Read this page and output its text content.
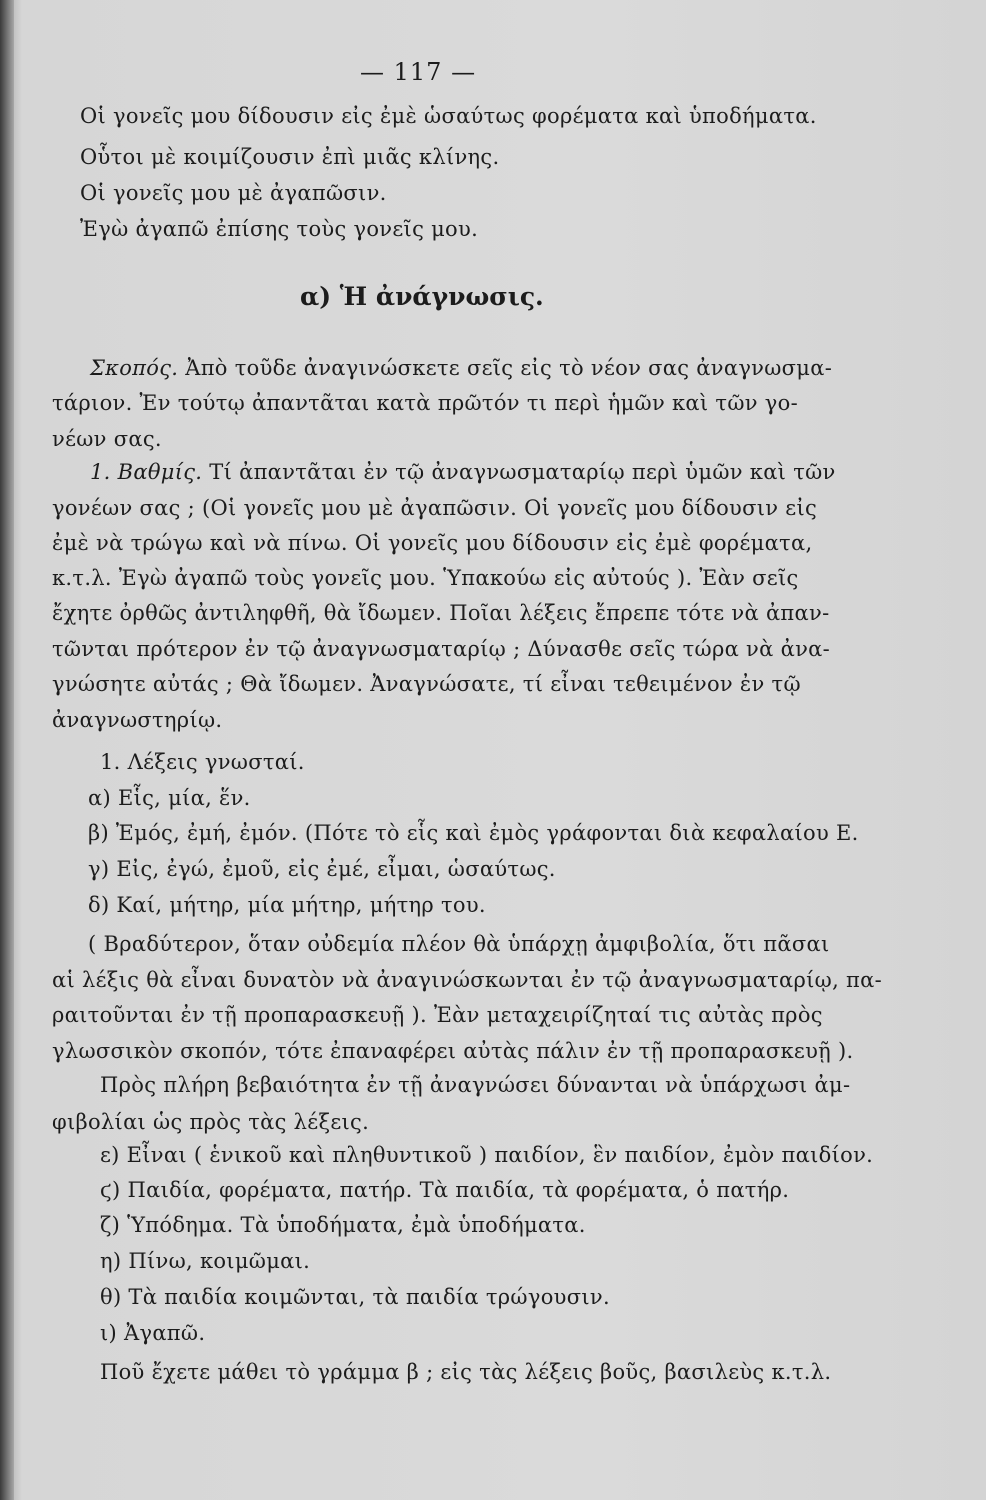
— 117 —
Οἱ γονεῖς μου δίδουσιν εἰς ἐμὲ ὡσαύτως φορέματα καὶ ὑποδήματα.
Οὗτοι μὲ κοιμίζουσιν ἐπὶ μιᾶς κλίνης.
Οἱ γονεῖς μου μὲ ἀγαπῶσιν.
Ἐγὼ ἀγαπῶ ἐπίσης τοὺς γονεῖς μου.
α) Ἡ ἀνάγνωσις.
Σκοπός. Ἀπὸ τοῦδε ἀναγινώσκετε σεῖς εἰς τὸ νέον σας ἀναγνωσμα-
τάριον. Ἐν τούτῳ ἀπαντᾶται κατὰ πρῶτόν τι περὶ ἡμῶν καὶ τῶν γο-
νέων σας.
1. Βαθμίς. Τί ἀπαντᾶται ἐν τῷ ἀναγνωσματαρίῳ περὶ ὑμῶν καὶ τῶν
γονέων σας ; (Οἱ γονεῖς μου μὲ ἀγαπῶσιν. Οἱ γονεῖς μου δίδουσιν εἰς
ἐμὲ νὰ τρώγω καὶ νὰ πίνω. Οἱ γονεῖς μου δίδουσιν εἰς ἐμὲ φορέματα,
κ.τ.λ. Ἐγὼ ἀγαπῶ τοὺς γονεῖς μου. Ὑπακούω εἰς αὐτούς ). Ἐὰν σεῖς
ἔχητε ὀρθῶς ἀντιληφθῆ, θὰ ἴδωμεν. Ποῖαι λέξεις ἔπρεπε τότε νὰ ἀπαν-
τῶνται πρότερον ἐν τῷ ἀναγνωσματαρίῳ ; Δύνασθε σεῖς τώρα νὰ ἀνα-
γνώσητε αὐτάς ; Θὰ ἴδωμεν. Ἀναγνώσατε, τί εἶναι τεθειμένον ἐν τῷ
ἀναγνωστηρίῳ.
1. Λέξεις γνωσταί.
α) Εἷς, μία, ἕν.
β) Ἐμός, ἐμή, ἐμόν. (Πότε τὸ εἷς καὶ ἐμὸς γράφονται διὰ κεφαλαίου Ε.
γ) Εἰς, ἐγώ, ἐμοῦ, εἰς ἐμέ, εἶμαι, ὡσαύτως.
δ) Καί, μήτηρ, μία μήτηρ, μήτηρ του.
( Βραδύτερον, ὅταν οὐδεμία πλέον θὰ ὑπάρχῃ ἀμφιβολία, ὅτι πᾶσαι
αἱ λέξις θὰ εἶναι δυνατὸν νὰ ἀναγινώσκωνται ἐν τῷ ἀναγνωσματαρίῳ, πα-
ραιτοῦνται ἐν τῇ προπαρασκευῇ ). Ἐὰν μεταχειρίζηταί τις αὐτὰς πρὸς
γλωσσικὸν σκοπόν, τότε ἐπαναφέρει αὐτὰς πάλιν ἐν τῇ προπαρασκευῇ ).
Πρὸς πλήρη βεβαιότητα ἐν τῇ ἀναγνώσει δύνανται νὰ ὑπάρχωσι ἀμ-
φιβολίαι ὡς πρὸς τὰς λέξεις.
ε) Εἶναι ( ἑνικοῦ καὶ πληθυντικοῦ ) παιδίον, ἓν παιδίον, ἐμὸν παιδίον.
ϛ) Παιδία, φορέματα, πατήρ. Τὰ παιδία, τὰ φορέματα, ὁ πατήρ.
ζ) Ὑπόδημα. Τὰ ὑποδήματα, ἐμὰ ὑποδήματα.
η) Πίνω, κοιμῶμαι.
θ) Τὰ παιδία κοιμῶνται, τὰ παιδία τρώγουσιν.
ι) Ἀγαπῶ.
Ποῦ ἔχετε μάθει τὸ γράμμα β ; εἰς τὰς λέξεις βοῦς, βασιλεὺς κ.τ.λ.
